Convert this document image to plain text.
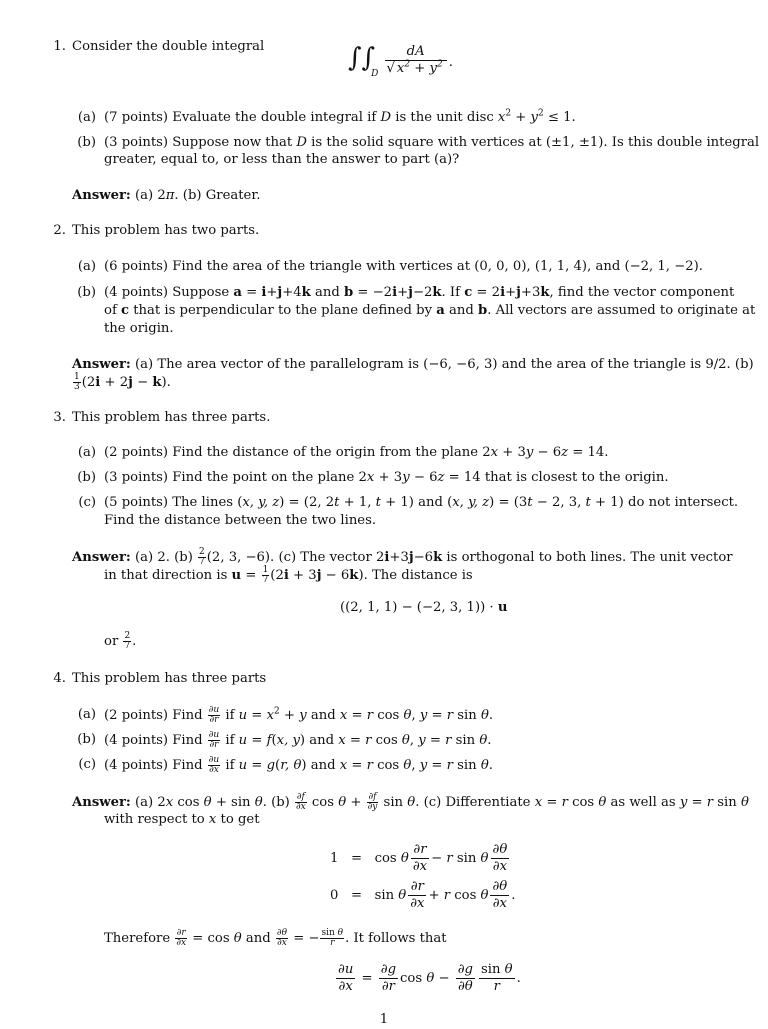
1. Consider the double integral	$\int\int_D \frac{dA}{√ x^2 + y^2}$ .
(a) (7 points) Evaluate the double integral if D is the unit disc $x^2 + y^2 \le 1$.
(b) (3 points) Suppose now that D is the solid square with vertices at (±1, ±1). Is this double integral
greater, equal to, or less than the answer to part (a)?
Answer: (a) 2π. (b) Greater.
2. This problem has two parts.
(a) (6 points) Find the area of the triangle with vertices at (0, 0, 0), (1, 1, 4), and (−2, 1, −2).
(b) (4 points) Suppose a = i+j+4k and b = −2i+j−2k. If c = 2i+j+3k, find the vector component
of c that is perpendicular to the plane defined by a and b. All vectors are assumed to originate at
the origin.
Answer: (a) The area vector of the parallelogram is (−6, −6, 3) and the area of the triangle is 9/2. (b)
$\frac{1}{3} (2i + 2j - k)$.
3. This problem has three parts.
(a) (2 points) Find the distance of the origin from the plane 2x + 3y − 6z = 14.
(b) (3 points) Find the point on the plane 2x + 3y − 6z = 14 that is closest to the origin.
(c) (5 points) The lines (x, y, z) = (2, 2t + 1, t + 1) and (x, y, z) = (3t − 2, 3, t + 1) do not intersect.
Find the distance between the two lines.
Answer: (a) 2. $(b) \frac{2}{7} (2$, 3, −6). (c) The vector 2i+3j−6k is orthogonal to both lines. The unit vector
in that direction is $u = \frac{1}{7} (2i + 3j - 6k)$. The distance is
((2, 1, 1) − (−2, 3, 1)) · u
or $\frac{2}{7}$ .
4. This problem has three parts
(a) (2 points) Find $\frac{\partial u}{\partial r}$ if $u = x^2 + y$ and x = r cos θ, y = r sin θ.
(b) (4 points) Find $\frac{\partial u}{\partial r}$ if u = f(x, y) and x = r cos θ, y = r sin θ.
(c) (4 points) Find $\frac{\partial u}{\partial x}$ if u = g(r, θ) and x = r cos θ, y = r sin θ.
Answer: (a) 2x cos θ + sin θ. $(b) \frac{\partial f}{\partial x}$ $\cos \theta + \frac{\partial f}{\partial y}$ sin θ. (c) Differentiate x = r cos θ as well as y = r sin θ
with respect to x to get
1   =   cos θ $\frac{\partial r}{\partial x} - r$ sin θ $\frac{\partial\theta}{\partial x}$
0   =   sin θ $\frac{\partial r}{\partial x} + r$ cos θ $\frac{\partial\theta}{\partial x}$ .
Therefore $\frac{\partial r}{\partial x} = \cos \theta$ and $\frac{\partial\theta}{\partial x}$ = − $\frac{\text{sin θ}}{r}$ . It follows that
$\frac{\partial u}{\partial x} = \frac{\partial g}{\partial r}$ $\cos \theta - \frac{\partial g}{\partial\theta} \frac{\text{sin θ}}{r}$ .
1
